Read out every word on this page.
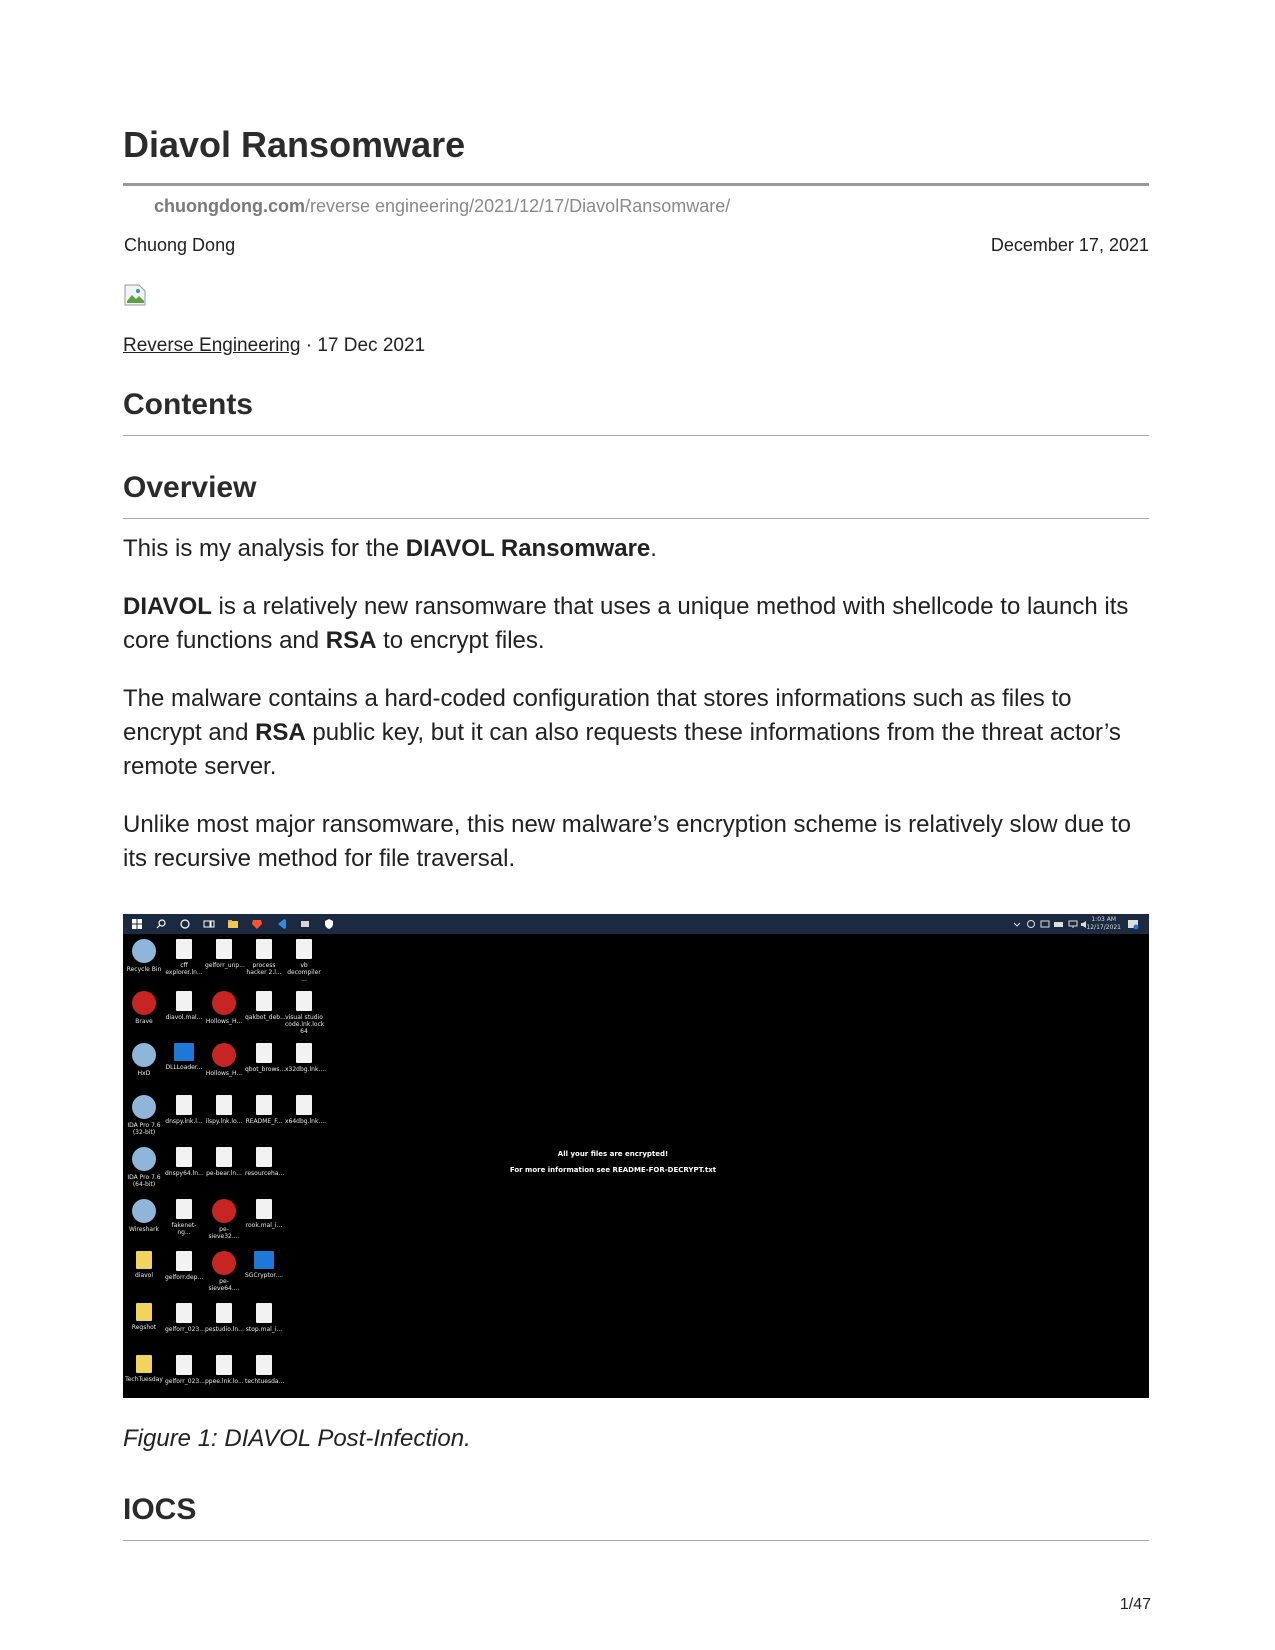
Diavol Ransomware
chuongdong.com/reverse engineering/2021/12/17/DiavolRansomware/
Chuong Dong	December 17, 2021
Reverse Engineering · 17 Dec 2021
Contents
Overview

This is my analysis for the DIAVOL Ransomware.

DIAVOL is a relatively new ransomware that uses a unique method with shellcode to launch its core functions and RSA to encrypt files.

The malware contains a hard-coded configuration that stores informations such as files to encrypt and RSA public key, but it can also requests these informations from the threat actor’s remote server.

Unlike most major ransomware, this new malware’s encryption scheme is relatively slow due to its recursive method for file traversal.

1:03 AM
12/17/2021
Recycle Bin
cff
explorer.ln...
gelforr_unp...	process
hacker 2.l...
vb
decompiler ...
Brave
diavol.mal...
Hollows_H...
qakbot_deb... visual studio
code.lnk.lock
64
HxD
DLLLoader...
Hollows_H...
qbot_brows... x32dbg.lnk....
IDA Pro 7.6
(32-bit)
dnspy.lnk.l... ilspy.lnk.lo... README_F... x64dbg.lnk....
IDA Pro 7.6
(64-bit)
dnspy64.ln... pe-bear.ln... resourceha...
Wireshark
fakenet-ng...	pe-sieve32....
rook.mal_i...
diavol	gelforr.dep...
pe-sieve64....
SGCryptor....
Regshot	gelforr_023... pestudio.ln... stop.mal_i...
TechTuesday gelforr_023... ppee.lnk.lo... techtuesda...
All your files are encrypted!
For more information see README-FOR-DECRYPT.txt
Figure 1: DIAVOL Post-Infection.
IOCS
1/47
